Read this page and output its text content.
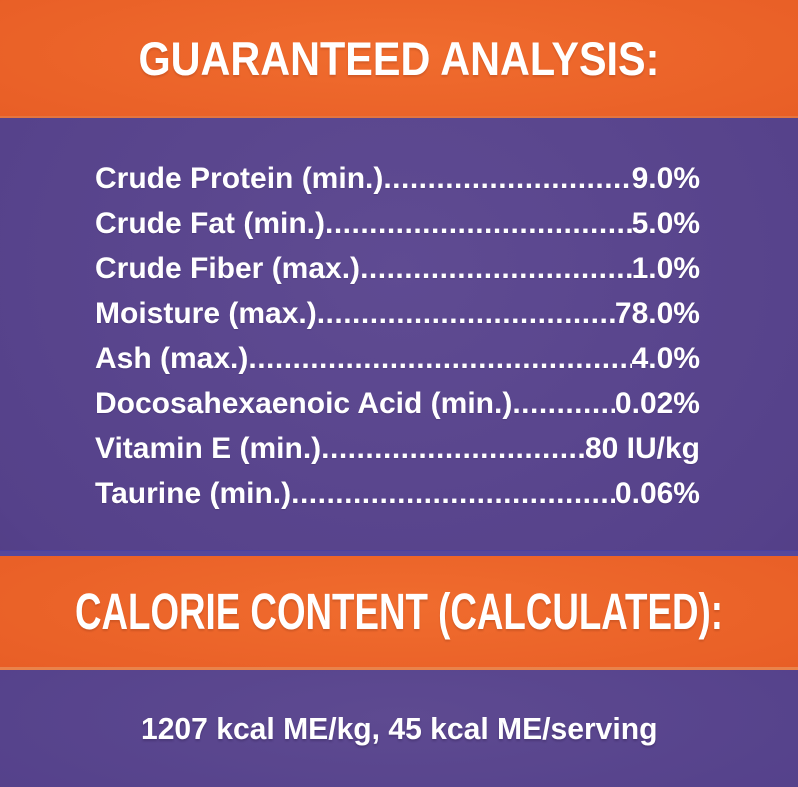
GUARANTEED ANALYSIS:
Crude Protein (min.) .....	9.0%
Crude Fat (min.) .....	5.0%
Crude Fiber (max.) .....	1.0%
Moisture (max.) .....	78.0%
Ash (max.) .....	4.0%
Docosahexaenoic Acid (min.) .....	0.02%
Vitamin E (min.) .....	80 IU/kg
Taurine (min.) .....	0.06%
CALORIE CONTENT (CALCULATED):

1207 kcal ME/kg, 45 kcal ME/serving
